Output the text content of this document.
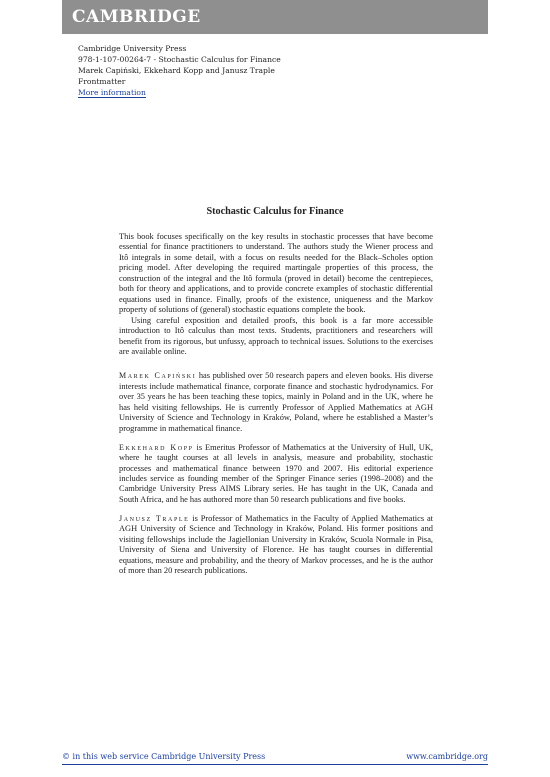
CAMBRIDGE
Cambridge University Press
978-1-107-00264-7 - Stochastic Calculus for Finance
Marek Capiński, Ekkehard Kopp and Janusz Traple
Frontmatter
More information
Stochastic Calculus for Finance

This book focuses specifically on the key results in stochastic processes that have become essential for finance practitioners to understand. The authors study the Wiener process and Itô integrals in some detail, with a focus on results needed for the Black–Scholes option pricing model. After developing the required martingale properties of this process, the construction of the integral and the Itô formula (proved in detail) become the centrepieces, both for theory and applications, and to provide concrete examples of stochastic differential equations used in finance. Finally, proofs of the existence, uniqueness and the Markov property of solutions of (general) stochastic equations complete the book.

Using careful exposition and detailed proofs, this book is a far more accessible introduction to Itô calculus than most texts. Students, practitioners and researchers will benefit from its rigorous, but unfussy, approach to technical issues. Solutions to the exercises are available online.

Marek Capiński has published over 50 research papers and eleven books. His diverse interests include mathematical finance, corporate finance and stochastic hydrodynamics. For over 35 years he has been teaching these topics, mainly in Poland and in the UK, where he has held visiting fellowships. He is currently Professor of Applied Mathematics at AGH University of Science and Technology in Kraków, Poland, where he established a Master’s programme in mathematical finance.

Ekkehard Kopp is Emeritus Professor of Mathematics at the University of Hull, UK, where he taught courses at all levels in analysis, measure and probability, stochastic processes and mathematical finance between 1970 and 2007. His editorial experience includes service as founding member of the Springer Finance series (1998–2008) and the Cambridge University Press AIMS Library series. He has taught in the UK, Canada and South Africa, and he has authored more than 50 research publications and five books.

Janusz Traple is Professor of Mathematics in the Faculty of Applied Mathematics at AGH University of Science and Technology in Kraków, Poland. His former positions and visiting fellowships include the Jagiellonian University in Kraków, Scuola Normale in Pisa, University of Siena and University of Florence. He has taught courses in differential equations, measure and probability, and the theory of Markov processes, and he is the author of more than 20 research publications.

© in this web service Cambridge University Press	www.cambridge.org
